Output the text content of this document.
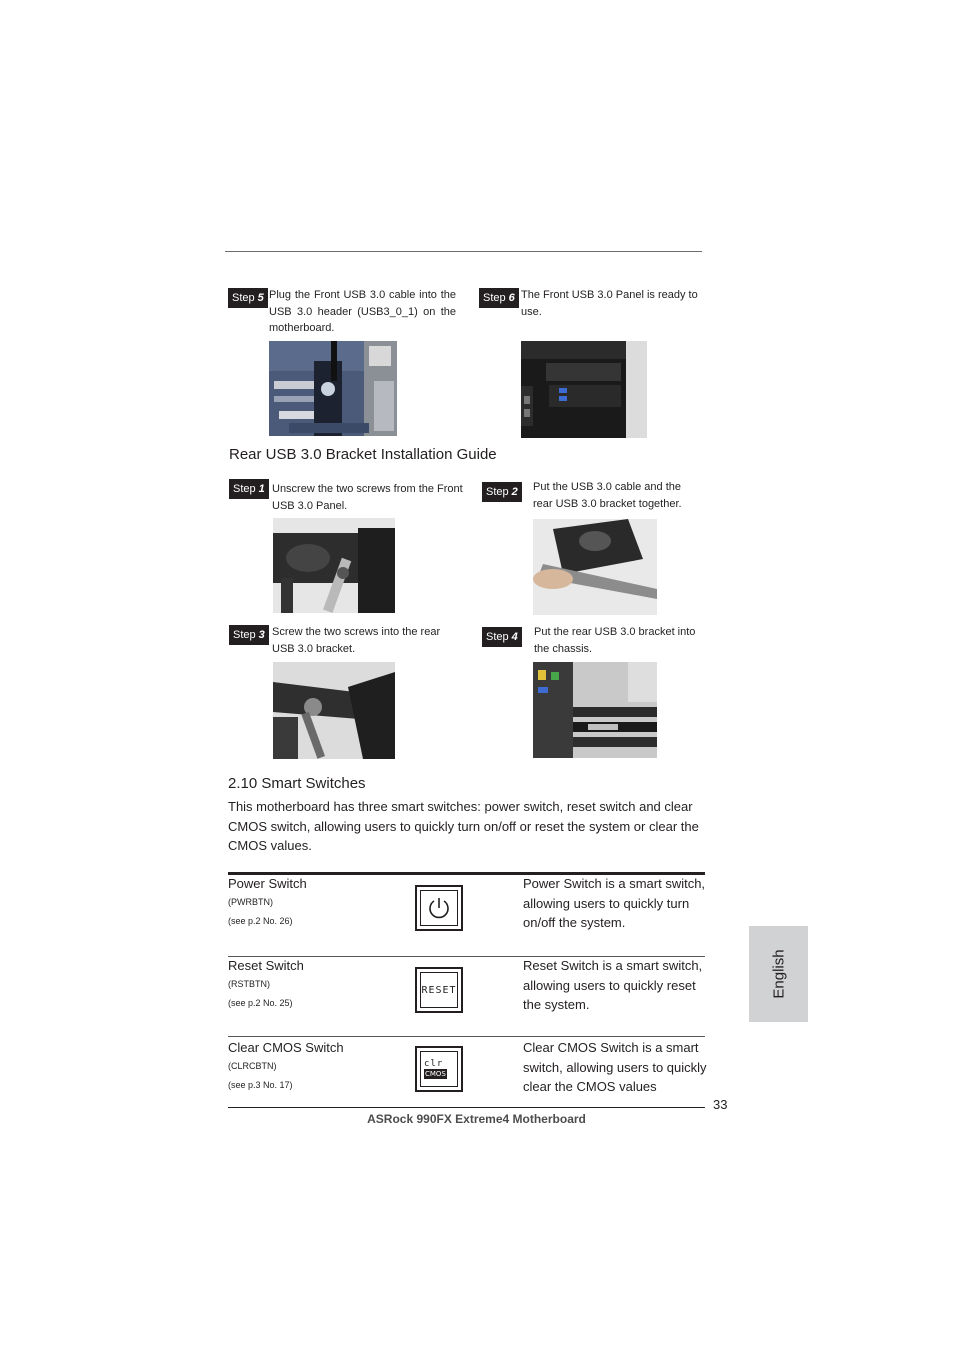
Step 5 Plug the Front USB 3.0 cable into the USB 3.0 header (USB3_0_1) on the motherboard.
Step 6 The Front USB 3.0 Panel is ready to use.
Rear USB 3.0 Bracket Installation Guide
Step 1 Unscrew the two screws from the Front USB 3.0 Panel.
Step 2	Put the USB 3.0 cable and the rear USB 3.0 bracket together.
Step 3 Screw the two screws into the rear USB 3.0 bracket.
Step 4	Put the rear USB 3.0 bracket into the chassis.
2.10 Smart Switches
This motherboard has three smart switches: power switch, reset switch and clear CMOS switch, allowing users to quickly turn on/off or reset the system or clear the CMOS values.
Power Switch
(PWRBTN)
(see p.2 No. 26)
Power Switch is a smart switch, allowing users to quickly turn on/off the system.
Reset Switch
(RSTBTN)
(see p.2 No. 25)
RESET
Reset Switch is a smart switch, allowing users to quickly reset the system.
Clear CMOS Switch
(CLRCBTN)
(see p.3 No. 17)
clr
CMOS
Clear CMOS Switch is a smart switch, allowing users to quickly clear the CMOS values
English
33
ASRock 990FX Extreme4 Motherboard
